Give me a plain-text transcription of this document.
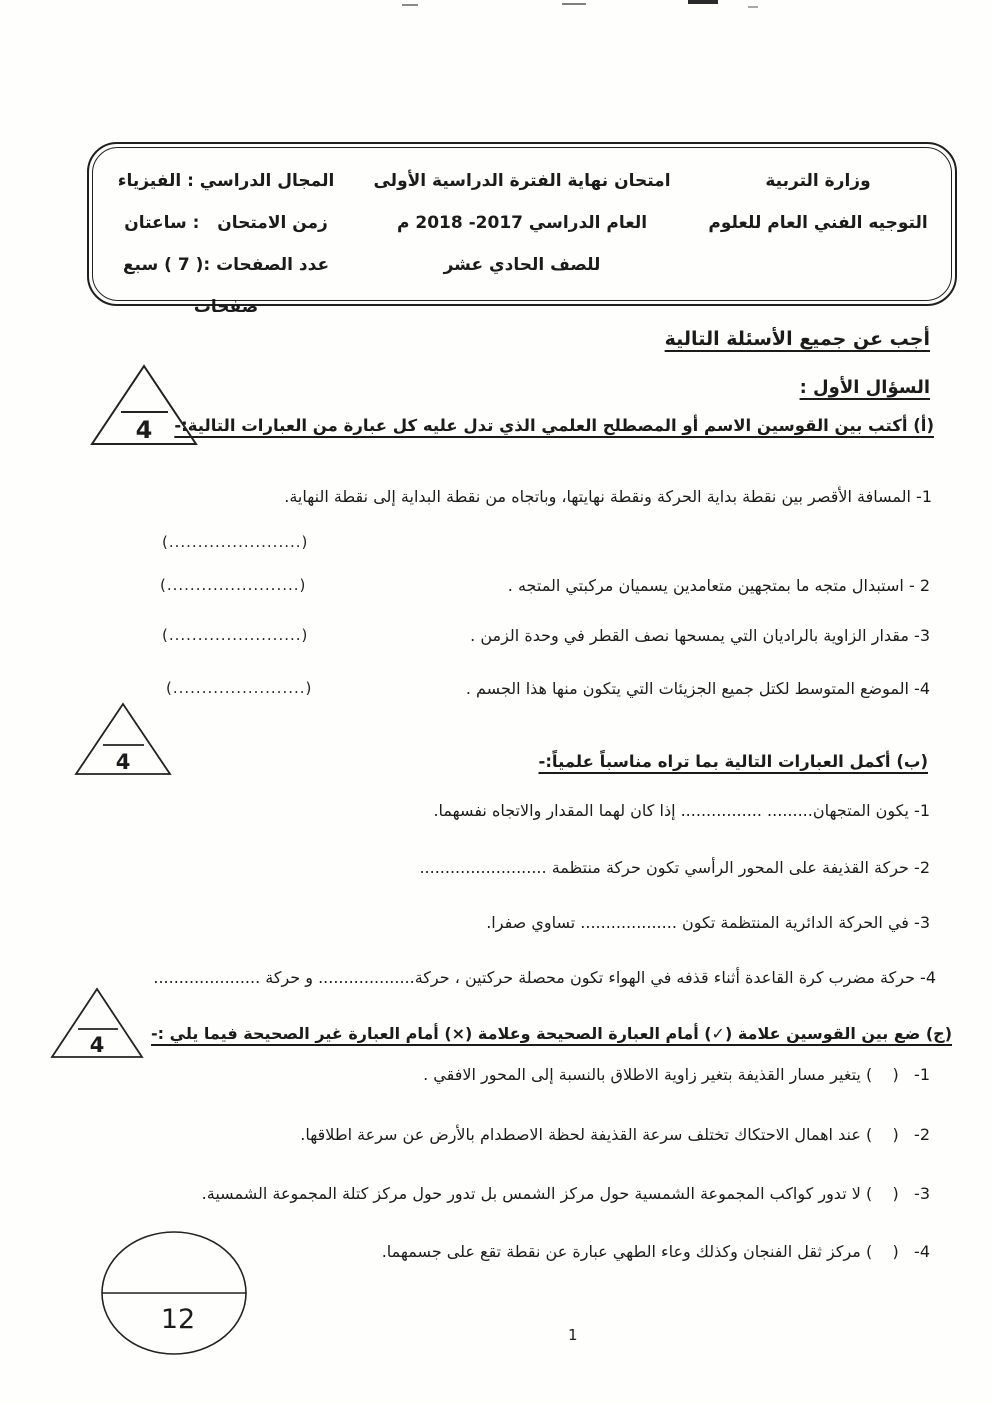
وزارة التربية
التوجيه الفني العام للعلوم
امتحان نهاية الفترة الدراسية الأولى
العام الدراسي 2017- 2018 م
للصف الحادي عشر
المجال الدراسي : الفيزياء
زمن الامتحان   : ساعتان
عدد الصفحات :( 7 ) سبع صفحات
أجب عن جميع الأسئلة التالية
السؤال الأول :
(أ) أكتب بين القوسين الاسم أو المصطلح العلمي الذي تدل عليه كل عبارة من العبارات التالية:-
4
1- المسافة الأقصر بين نقطة بداية الحركة ونقطة نهايتها، وباتجاه من نقطة البداية إلى نقطة النهاية.
(.......................)
2 - استبدال متجه ما بمتجهين متعامدين يسميان مركبتي المتجه .
(.......................)
3- مقدار الزاوية بالراديان التي يمسحها نصف القطر في وحدة الزمن .
(.......................)
4- الموضع المتوسط لكتل جميع الجزيئات التي يتكون منها هذا الجسم .
(.......................)
4	(ب) أكمل العبارات التالية بما تراه مناسباً علمياً:-
1- يكون المتجهان......... ................ إذا كان لهما المقدار والاتجاه نفسهما.
2- حركة القذيفة على المحور الرأسي تكون حركة منتظمة .........................
3- في الحركة الدائرية المنتظمة تكون ................... تساوي صفرا.
4- حركة مضرب كرة القاعدة أثناء قذفه في الهواء تكون محصلة حركتين ، حركة................... و حركة .....................
4	(ج) ضع بين القوسين علامة (✓) أمام العبارة الصحيحة وعلامة (×) أمام العبارة غير الصحيحة فيما يلي :-
1-   (    ) يتغير مسار القذيفة بتغير زاوية الاطلاق بالنسبة إلى المحور الافقي .
2-   (    ) عند اهمال الاحتكاك تختلف سرعة القذيفة لحظة الاصطدام بالأرض عن سرعة اطلاقها.
3-   (    ) لا تدور كواكب المجموعة الشمسية حول مركز الشمس بل تدور حول مركز كتلة المجموعة الشمسية.
4-   (    ) مركز ثقل الفنجان وكذلك وعاء الطهي عبارة عن نقطة تقع على جسمهما.
12	1
